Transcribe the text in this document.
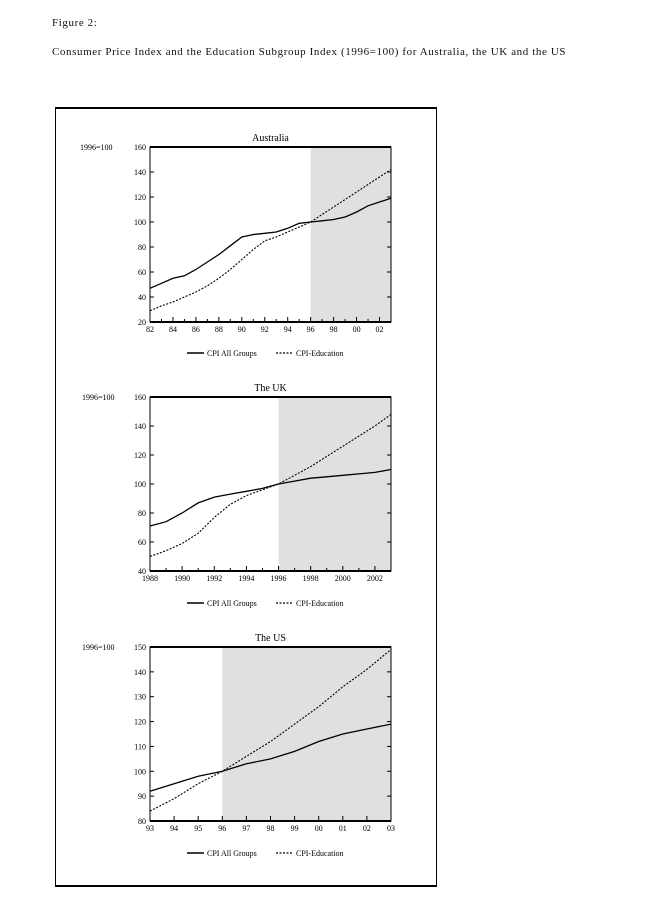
Figure 2:
Consumer Price Index and the Education Subgroup Index (1996=100) for Australia, the UK and the US
Australia
1996=100
20
40
60
80
100
120
140
160
82 84 86 88 90 92 94 96 98 00 02
CPI All Groups	CPI-Education
The UK
1996=100
40
60
80
100
120
140
160
1988 1990 1992 1994 1996 1998 2000 2002
CPI All Groups	CPI-Education
The US
1996=100
80
90
100
110
120
130
140
150
93 94 95 96 97 98 99 00 01 02 03
CPI All Groups	CPI-Education
